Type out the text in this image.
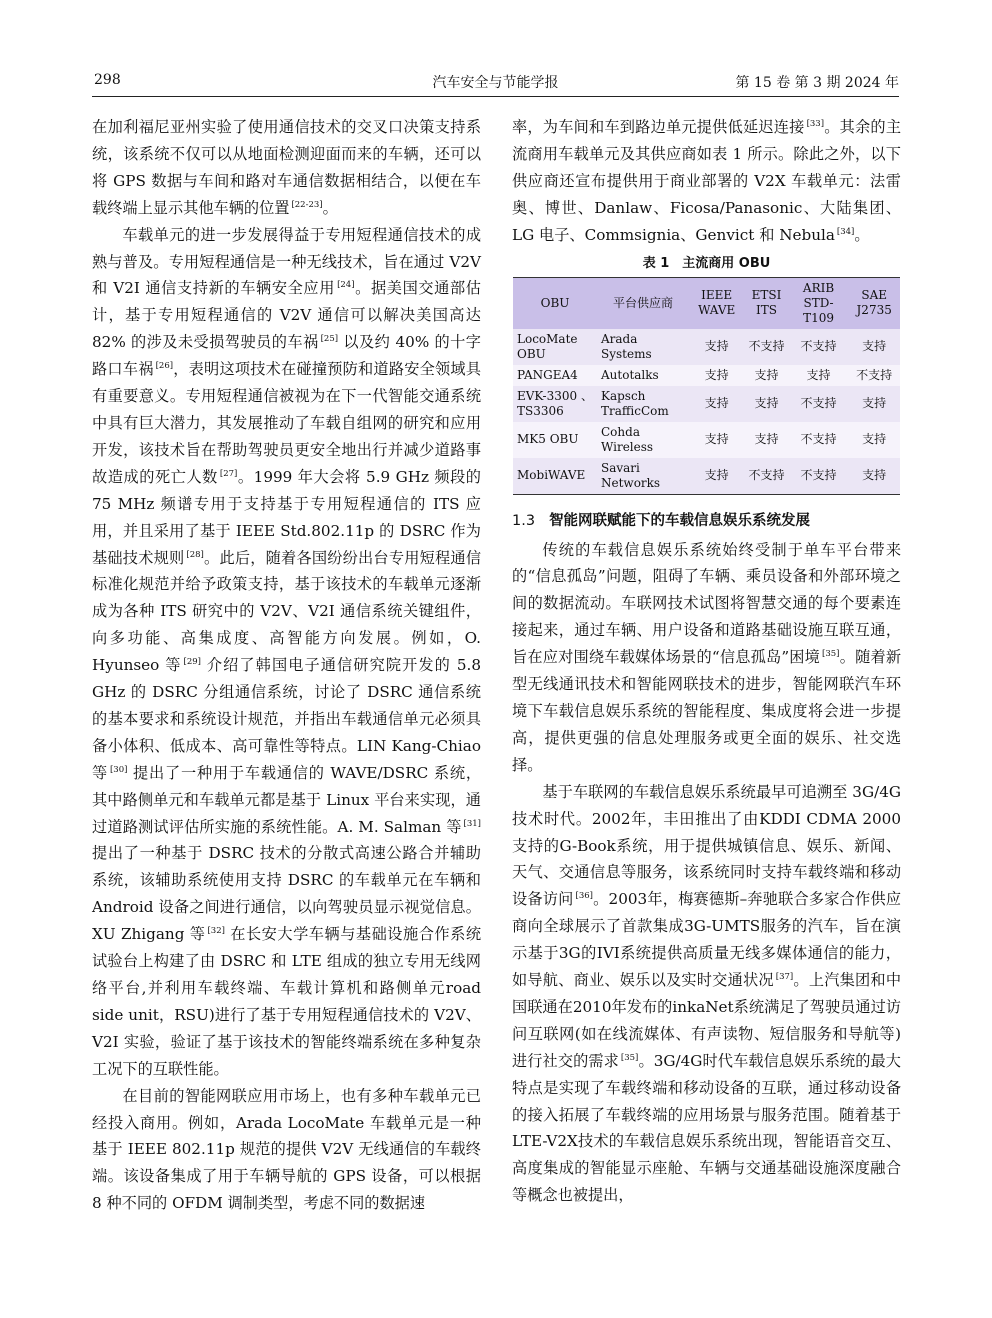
298	汽车安全与节能学报	第 15 卷 第 3 期 2024 年

在加利福尼亚州实验了使用通信技术的交叉口决策支持系统，该系统不仅可以从地面检测迎面而来的车辆，还可以将 GPS 数据与车间和路对车通信数据相结合，以便在车载终端上显示其他车辆的位置 [22-23]。

车载单元的进一步发展得益于专用短程通信技术的成熟与普及。专用短程通信是一种无线技术，旨在通过 V2V 和 V2I 通信支持新的车辆安全应用 [24]。据美国交通部估计，基于专用短程通信的 V2V 通信可以解决美国高达 82% 的涉及未受损驾驶员的车祸 [25] 以及约 40% 的十字路口车祸 [26]，表明这项技术在碰撞预防和道路安全领域具有重要意义。专用短程通信被视为在下一代智能交通系统中具有巨大潜力，其发展推动了车载自组网的研究和应用开发，该技术旨在帮助驾驶员更安全地出行并减少道路事故造成的死亡人数 [27]。1999 年大会将 5.9 GHz 频段的 75 MHz 频谱专用于支持基于专用短程通信的 ITS 应用，并且采用了基于 IEEE Std.802.11p 的 DSRC 作为基础技术规则 [28]。此后，随着各国纷纷出台专用短程通信标准化规范并给予政策支持，基于该技术的车载单元逐渐成为各种 ITS 研究中的 V2V、V2I 通信系统关键组件，向多功能、高集成度、高智能方向发展。例如，O. Hyunseo 等 [29] 介绍了韩国电子通信研究院开发的 5.8 GHz 的 DSRC 分组通信系统，讨论了 DSRC 通信系统的基本要求和系统设计规范，并指出车载通信单元必须具备小体积、低成本、高可靠性等特点。LIN Kang-Chiao 等 [30] 提出了一种用于车载通信的 WAVE/DSRC 系统，其中路侧单元和车载单元都是基于 Linux 平台来实现，通过道路测试评估所实施的系统性能。A. M. Salman 等 [31] 提出了一种基于 DSRC 技术的分散式高速公路合并辅助系统，该辅助系统使用支持 DSRC 的车载单元在车辆和 Android 设备之间进行通信，以向驾驶员显示视觉信息。XU Zhigang 等 [32] 在长安大学车辆与基础设施合作系统试验台上构建了由 DSRC 和 LTE 组成的独立专用无线网络平台,并利用车载终端、车载计算机和路侧单元road side unit，RSU)进行了基于专用短程通信技术的 V2V、V2I 实验，验证了基于该技术的智能终端系统在多种复杂工况下的互联性能。

在目前的智能网联应用市场上，也有多种车载单元已经投入商用。例如，Arada LocoMate 车载单元是一种基于 IEEE 802.11p 规范的提供 V2V 无线通信的车载终端。该设备集成了用于车辆导航的 GPS 设备，可以根据 8 种不同的 OFDM 调制类型，考虑不同的数据速

率，为车间和车到路边单元提供低延迟连接 [33]。其余的主流商用车载单元及其供应商如表 1 所示。除此之外，以下供应商还宣布提供用于商业部署的 V2X 车载单元：法雷奥、博世、Danlaw、Ficosa/Panasonic、大陆集团、LG 电子、Commsignia、Genvict 和 Nebula [34]。

表 1　主流商用 OBU
OBU	平台供应商	IEEE WAVE	ETSI ITS	ARIB STD-T109	SAE J2735
LocoMate OBU	Arada Systems	支持	不支持	不支持	支持
PANGEA4	Autotalks	支持	支持	支持	不支持
EVK-3300、TS3306	Kapsch TrafficCom	支持	支持	不支持	支持
MK5 OBU	Cohda Wireless	支持	支持	不支持	支持
MobiWAVE	Savari Networks	支持	不支持	不支持	支持
1.3 智能网联赋能下的车载信息娱乐系统发展

传统的车载信息娱乐系统始终受制于单车平台带来的“信息孤岛”问题，阻碍了车辆、乘员设备和外部环境之间的数据流动。车联网技术试图将智慧交通的每个要素连接起来，通过车辆、用户设备和道路基础设施互联互通，旨在应对围绕车载媒体场景的“信息孤岛”困境 [35]。随着新型无线通讯技术和智能网联技术的进步，智能网联汽车环境下车载信息娱乐系统的智能程度、集成度将会进一步提高，提供更强的信息处理服务或更全面的娱乐、社交选择。

基于车联网的车载信息娱乐系统最早可追溯至 3G/4G技术时代。2002年，丰田推出了由KDDI CDMA 2000支持的G-Book系统，用于提供城镇信息、娱乐、新闻、天气、交通信息等服务，该系统同时支持车载终端和移动设备访问 [36]。2003年，梅赛德斯–奔驰联合多家合作供应商向全球展示了首款集成3G-UMTS服务的汽车，旨在演示基于3G的IVI系统提供高质量无线多媒体通信的能力，如导航、商业、娱乐以及实时交通状况 [37]。上汽集团和中国联通在2010年发布的inkaNet系统满足了驾驶员通过访问互联网(如在线流媒体、有声读物、短信服务和导航等)进行社交的需求 [35]。3G/4G时代车载信息娱乐系统的最大特点是实现了车载终端和移动设备的互联，通过移动设备的接入拓展了车载终端的应用场景与服务范围。随着基于LTE-V2X技术的车载信息娱乐系统出现，智能语音交互、高度集成的智能显示座舱、车辆与交通基础设施深度融合等概念也被提出，
